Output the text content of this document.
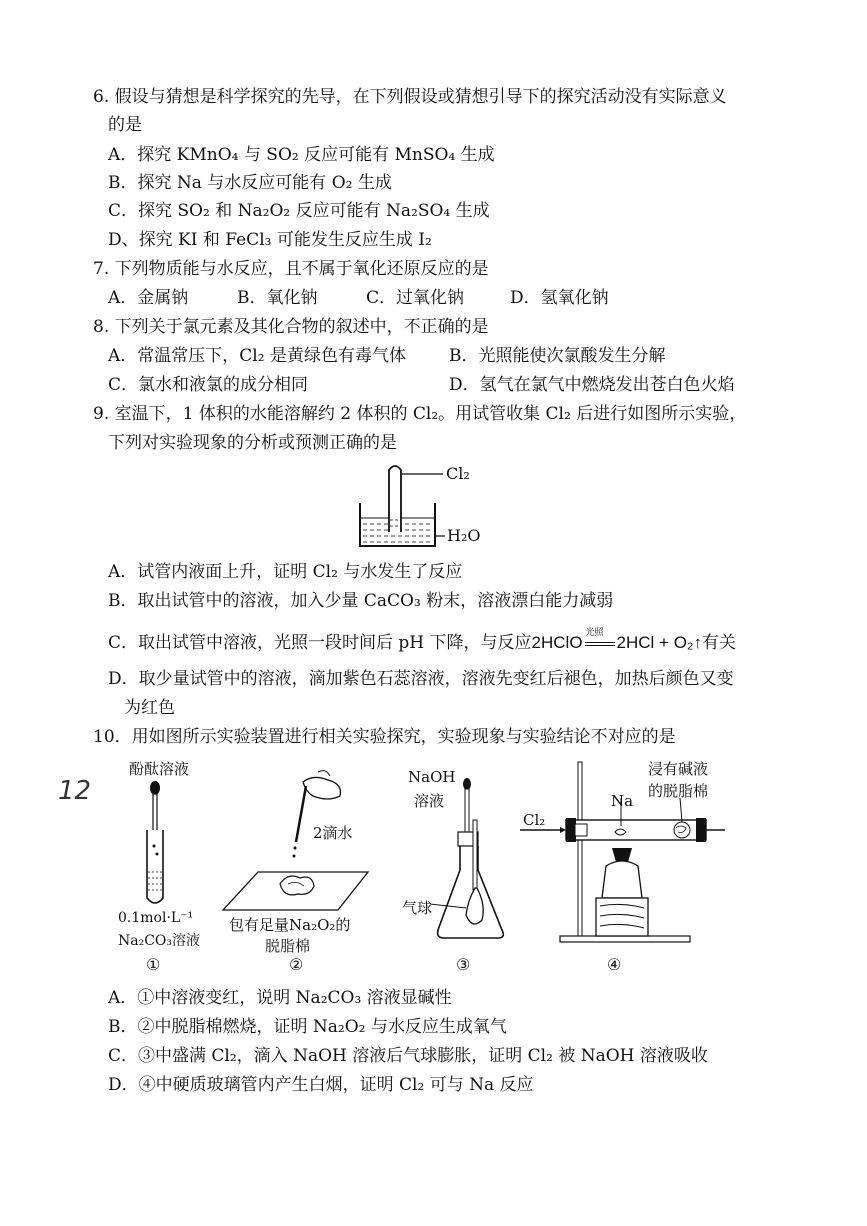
6. 假设与猜想是科学探究的先导，在下列假设或猜想引导下的探究活动没有实际意义
的是
A．探究 KMnO₄ 与 SO₂ 反应可能有 MnSO₄ 生成
B．探究 Na 与水反应可能有 O₂ 生成
C．探究 SO₂ 和 Na₂O₂ 反应可能有 Na₂SO₄ 生成
D、探究 KI 和 FeCl₃ 可能发生反应生成 I₂
7. 下列物质能与水反应，且不属于氧化还原反应的是
A．金属钠	B．氧化钠	C．过氧化钠	D．氢氧化钠
8. 下列关于氯元素及其化合物的叙述中，不正确的是
A．常温常压下，Cl₂ 是黄绿色有毒气体	B．光照能使次氯酸发生分解
C．氯水和液氯的成分相同	D．氢气在氯气中燃烧发出苍白色火焰
9. 室温下，1 体积的水能溶解约 2 体积的 Cl₂。用试管收集 Cl₂ 后进行如图所示实验，
下列对实验现象的分析或预测正确的是
Cl₂
H₂O
A．试管内液面上升，证明 Cl₂ 与水发生了反应
B．取出试管中的溶液，加入少量 CaCO₃ 粉末，溶液漂白能力减弱
C．取出试管中溶液，光照一段时间后 pH 下降，与反应2HClO 光照 2HCl + O₂↑有关
D．取少量试管中的溶液，滴加紫色石蕊溶液，溶液先变红后褪色，加热后颜色又变
为红色
10．用如图所示实验装置进行相关实验探究，实验现象与实验结论不对应的是
12
酚酞溶液
0.1mol·L⁻¹
Na₂CO₃溶液
①
2滴水
包有足量Na₂O₂的
脱脂棉
②
NaOH
溶液
气球
③
浸有碱液
的脱脂棉
Na
Cl₂
④
A．①中溶液变红，说明 Na₂CO₃ 溶液显碱性
B．②中脱脂棉燃烧，证明 Na₂O₂ 与水反应生成氧气
C．③中盛满 Cl₂，滴入 NaOH 溶液后气球膨胀，证明 Cl₂ 被 NaOH 溶液吸收
D．④中硬质玻璃管内产生白烟，证明 Cl₂ 可与 Na 反应
